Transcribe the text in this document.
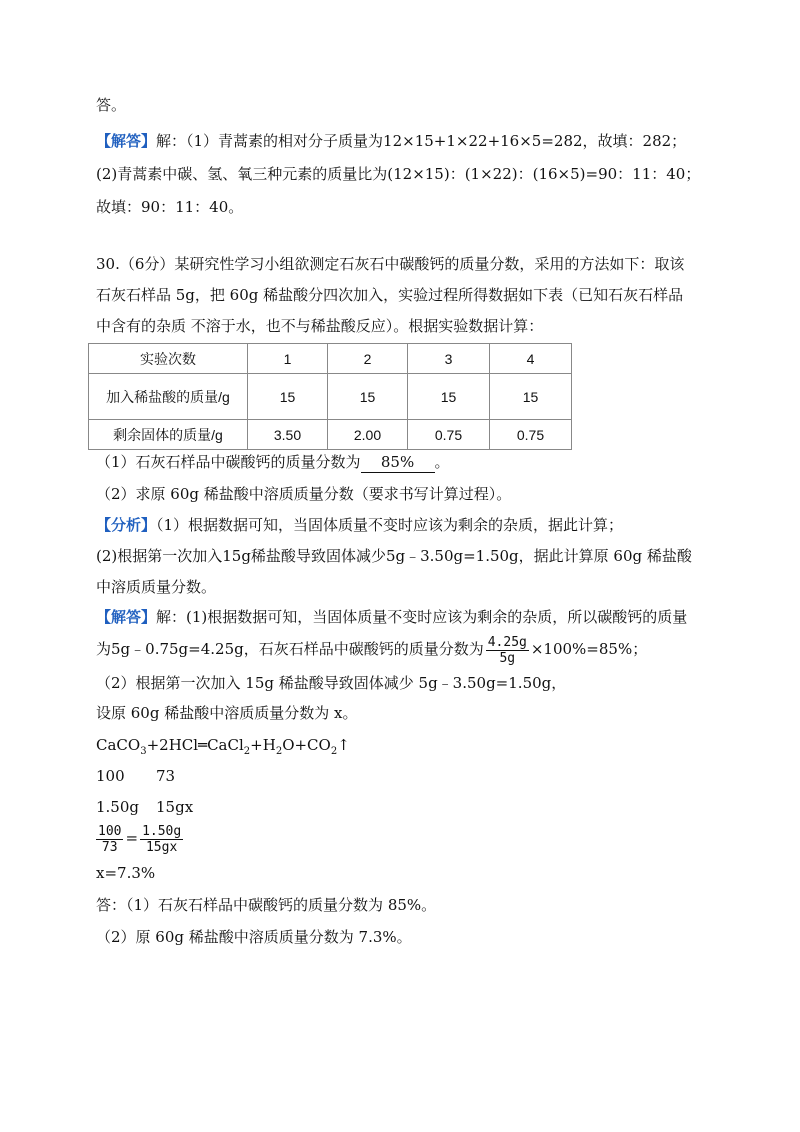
答。
【解答】解：（1）青蒿素的相对分子质量为12×15+1×22+16×5=282，故填：282；
(2)青蒿素中碳、氢、氧三种元素的质量比为(12×15)：(1×22)：(16×5)=90：11：40；
故填：90：11：40。
30.（6分）某研究性学习小组欲测定石灰石中碳酸钙的质量分数，采用的方法如下：取该
石灰石样品 5g，把 60g 稀盐酸分四次加入，实验过程所得数据如下表（已知石灰石样品
中含有的杂质 不溶于水，也不与稀盐酸反应）。根据实验数据计算：
实验次数	1	2	3	4
加入稀盐酸的质量/g	15	15	15	15
剩余固体的质量/g	3.50	2.00	0.75	0.75
（1）石灰石样品中碳酸钙的质量分数为 85% 。
（2）求原 60g 稀盐酸中溶质质量分数（要求书写计算过程）。
【分析】（1）根据数据可知，当固体质量不变时应该为剩余的杂质，据此计算；
(2)根据第一次加入15g稀盐酸导致固体减少5g﹣3.50g=1.50g，据此计算原 60g 稀盐酸
中溶质质量分数。
【解答】解：(1)根据数据可知，当固体质量不变时应该为剩余的杂质，所以碳酸钙的质量
为5g﹣0.75g=4.25g，石灰石样品中碳酸钙的质量分数为 $\frac{4.25g}{5g} \times 100\%=85\%$；
（2）根据第一次加入 15g 稀盐酸导致固体减少 5g﹣3.50g=1.50g，
设原 60g 稀盐酸中溶质质量分数为 x。
$CaCO_3+2HCl═CaCl_2+H_2O+CO_2↑$
100 73
1.50g 15gx
$\frac{100}{73} = \frac{1.50g}{15gx}$
x=7.3%
答：（1）石灰石样品中碳酸钙的质量分数为 85%。
（2）原 60g 稀盐酸中溶质质量分数为 7.3%。
